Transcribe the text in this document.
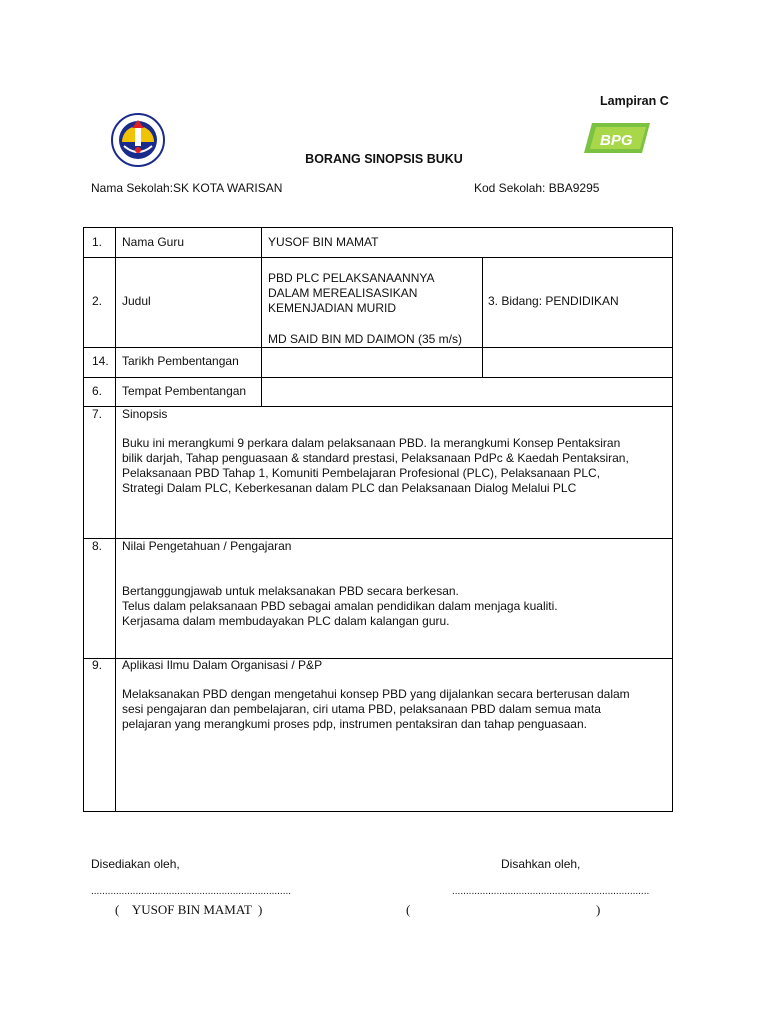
BPG
Lampiran C
BORANG SINOPSIS BUKU
Nama Sekolah:SK KOTA WARISAN	Kod Sekolah: BBA9295
1. Nama Guru	YUSOF BIN MAMAT
2. Judul
PBD PLC PELAKSANAANNYA
DALAM MEREALISASIKAN
KEMENJADIAN MURID
MD SAID BIN MD DAIMON (35 m/s)
3. Bidang: PENDIDIKAN
14. Tarikh Pembentangan
6. Tempat Pembentangan
7. Sinopsis
Buku ini merangkumi 9 perkara dalam pelaksanaan PBD. Ia merangkumi Konsep Pentaksiran
bilik darjah, Tahap penguasaan & standard prestasi, Pelaksanaan PdPc & Kaedah Pentaksiran,
Pelaksanaan PBD Tahap 1, Komuniti Pembelajaran Profesional (PLC), Pelaksanaan PLC,
Strategi Dalam PLC, Keberkesanan dalam PLC dan Pelaksanaan Dialog Melalui PLC
8. Nilai Pengetahuan / Pengajaran
Bertanggungjawab untuk melaksanakan PBD secara berkesan.
Telus dalam pelaksanaan PBD sebagai amalan pendidikan dalam menjaga kualiti.
Kerjasama dalam membudayakan PLC dalam kalangan guru.
9. Aplikasi Ilmu Dalam Organisasi / P&P
Melaksanakan PBD dengan mengetahui konsep PBD yang dijalankan secara berterusan dalam
sesi pengajaran dan pembelajaran, ciri utama PBD, pelaksanaan PBD dalam semua mata
pelajaran yang merangkumi proses pdp, instrumen pentaksiran dan tahap penguasaan.
Disediakan oleh,	Disahkan oleh,
........................................................................	.......................................................................
(    YUSOF BIN MAMAT  )	(	)
